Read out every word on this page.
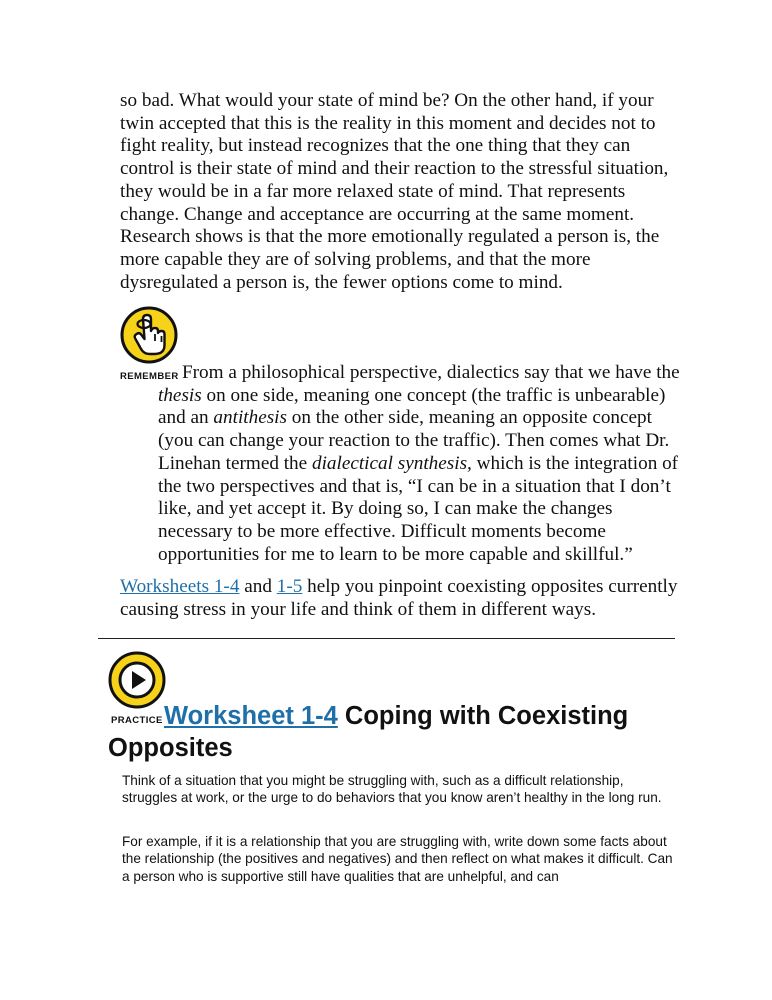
so bad. What would your state of mind be? On the other hand, if your twin accepted that this is the reality in this moment and decides not to fight reality, but instead recognizes that the one thing that they can control is their state of mind and their reaction to the stressful situation, they would be in a far more relaxed state of mind. That represents change. Change and acceptance are occurring at the same moment. Research shows is that the more emotionally regulated a person is, the more capable they are of solving problems, and that the more dysregulated a person is, the fewer options come to mind.

REMEMBER From a philosophical perspective, dialectics say that we have the thesis on one side, meaning one concept (the traffic is unbearable) and an antithesis on the other side, meaning an opposite concept (you can change your reaction to the traffic). Then comes what Dr. Linehan termed the dialectical synthesis, which is the integration of the two perspectives and that is, “I can be in a situation that I don’t like, and yet accept it. By doing so, I can make the changes necessary to be more effective. Difficult moments become opportunities for me to learn to be more capable and skillful.”

Worksheets 1-4 and 1-5 help you pinpoint coexisting opposites currently causing stress in your life and think of them in different ways.

PRACTICE Worksheet 1-4 Coping with Coexisting Opposites

Think of a situation that you might be struggling with, such as a difficult relationship, struggles at work, or the urge to do behaviors that you know aren’t healthy in the long run.

For example, if it is a relationship that you are struggling with, write down some facts about the relationship (the positives and negatives) and then reflect on what makes it difficult. Can a person who is supportive still have qualities that are unhelpful, and can
